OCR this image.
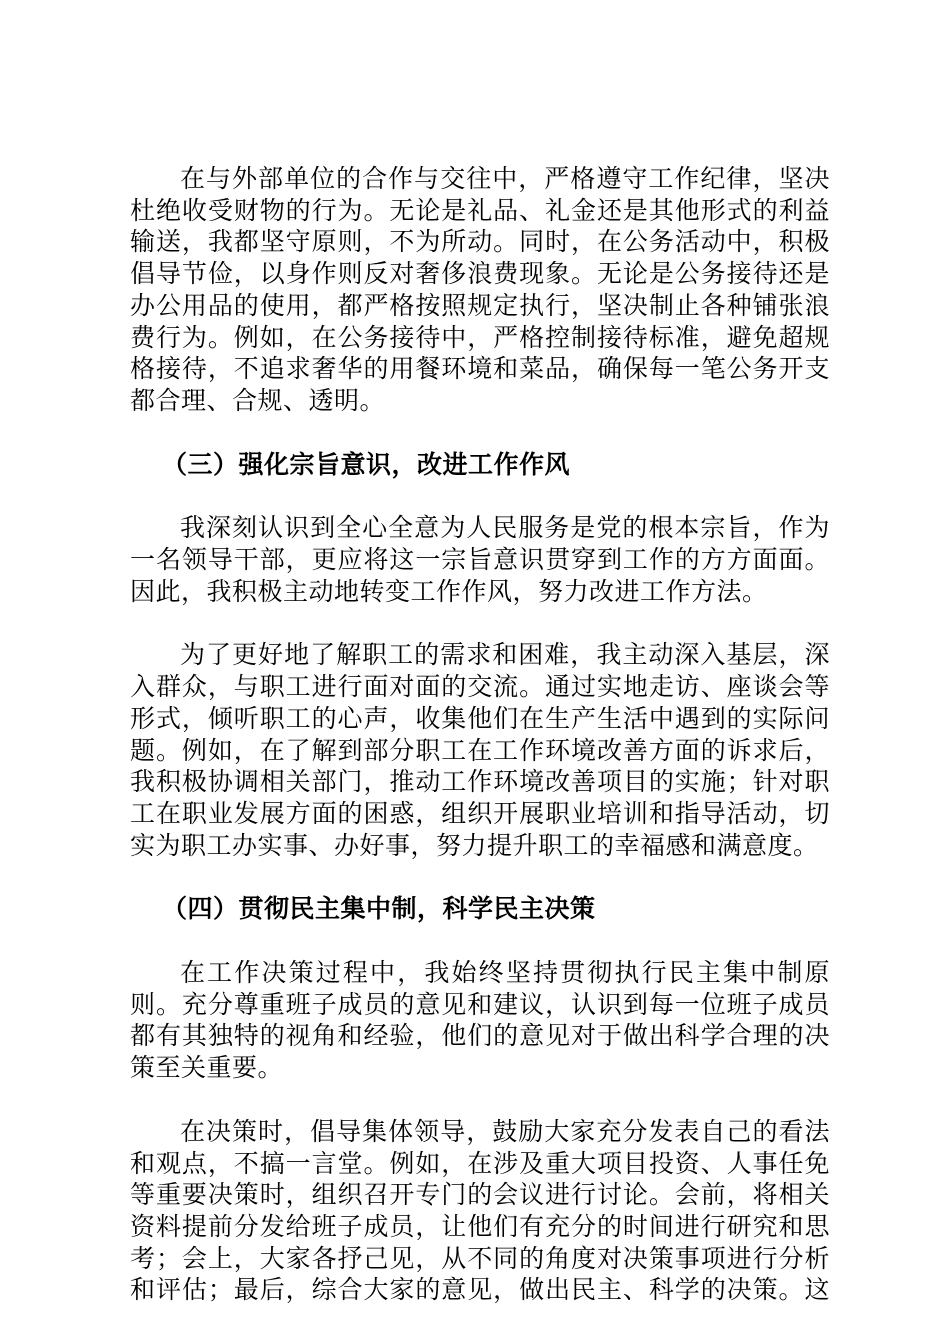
在与外部单位的合作与交往中，严格遵守工作纪律，坚决杜绝收受财物的行为。无论是礼品、礼金还是其他形式的利益输送，我都坚守原则，不为所动。同时，在公务活动中，积极倡导节俭，以身作则反对奢侈浪费现象。无论是公务接待还是办公用品的使用，都严格按照规定执行，坚决制止各种铺张浪费行为。例如，在公务接待中，严格控制接待标准，避免超规格接待，不追求奢华的用餐环境和菜品，确保每一笔公务开支都合理、合规、透明。

（三）强化宗旨意识，改进工作作风

我深刻认识到全心全意为人民服务是党的根本宗旨，作为一名领导干部，更应将这一宗旨意识贯穿到工作的方方面面。因此，我积极主动地转变工作作风，努力改进工作方法。

为了更好地了解职工的需求和困难，我主动深入基层，深入群众，与职工进行面对面的交流。通过实地走访、座谈会等形式，倾听职工的心声，收集他们在生产生活中遇到的实际问题。例如，在了解到部分职工在工作环境改善方面的诉求后，我积极协调相关部门，推动工作环境改善项目的实施；针对职工在职业发展方面的困惑，组织开展职业培训和指导活动，切实为职工办实事、办好事，努力提升职工的幸福感和满意度。

（四）贯彻民主集中制，科学民主决策

在工作决策过程中，我始终坚持贯彻执行民主集中制原则。充分尊重班子成员的意见和建议，认识到每一位班子成员都有其独特的视角和经验，他们的意见对于做出科学合理的决策至关重要。

在决策时，倡导集体领导，鼓励大家充分发表自己的看法和观点，不搞一言堂。例如，在涉及重大项目投资、人事任免等重要决策时，组织召开专门的会议进行讨论。会前，将相关资料提前分发给班子成员，让他们有充分的时间进行研究和思考；会上，大家各抒己见，从不同的角度对决策事项进行分析和评估；最后，综合大家的意见，做出民主、科学的决策。这
